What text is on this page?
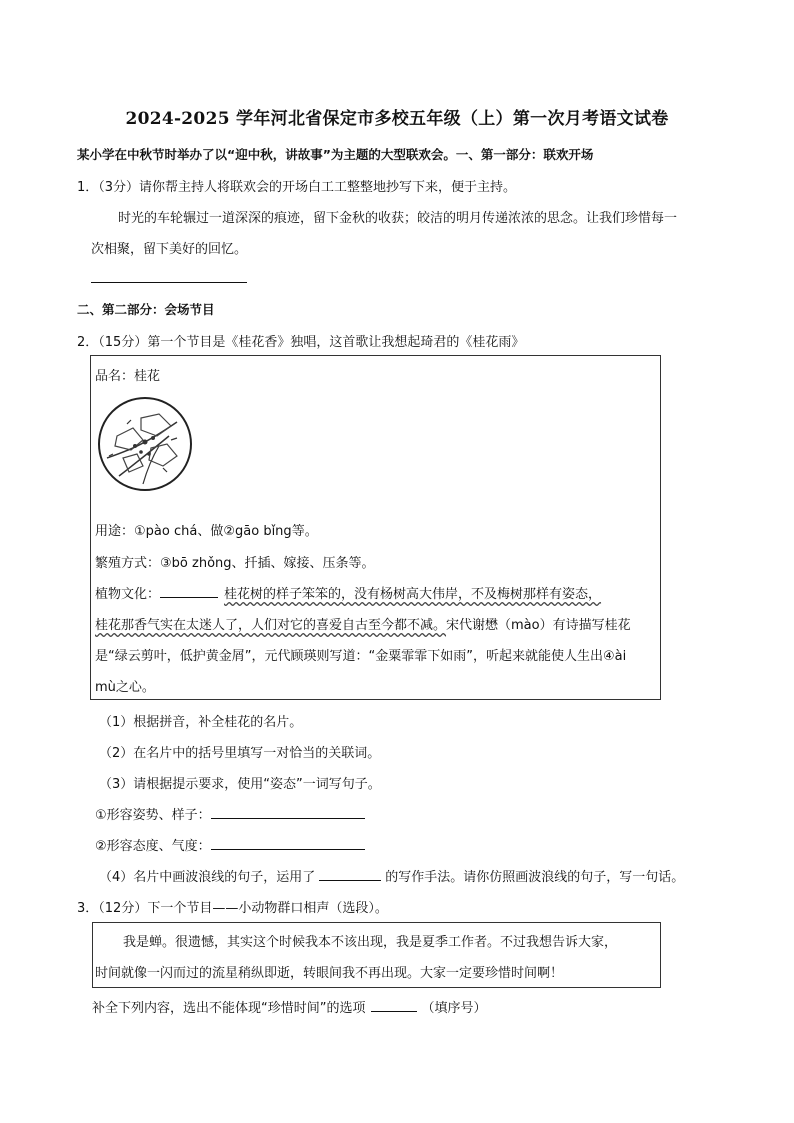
2024-2025 学年河北省保定市多校五年级（上）第一次月考语文试卷
某小学在中秋节时举办了以“迎中秋，讲故事”为主题的大型联欢会。一、第一部分：联欢开场
1．（3分）请你帮主持人将联欢会的开场白工工整整地抄写下来，便于主持。
时光的车轮辗过一道深深的痕迹，留下金秋的收获；皎洁的明月传递浓浓的思念。让我们珍惜每一
次相聚，留下美好的回忆。
二、第二部分：会场节目
2．（15分）第一个节目是《桂花香》独唱，这首歌让我想起琦君的《桂花雨》
品名：桂花
用途：①pào chá、做②gāo bǐng等。
繁殖方式：③bō zhǒng、扦插、嫁接、压条等。
植物文化：	桂花树的样子笨笨的，没有杨树高大伟岸，不及梅树那样有姿态，
桂花那香气实在太迷人了，人们对它的喜爱自古至今都不减。宋代谢懋（mào）有诗描写桂花
是“绿云剪叶，低护黄金屑”，元代顾瑛则写道：“金粟霏霏下如雨”，听起来就能使人生出④ài
mù之心。
（1）根据拼音，补全桂花的名片。
（2）在名片中的括号里填写一对恰当的关联词。
（3）请根据提示要求，使用“姿态”一词写句子。
①形容姿势、样子：
②形容态度、气度：
（4）名片中画波浪线的句子，运用了	的写作手法。请你仿照画波浪线的句子，写一句话。
3．（12分）下一个节目——小动物群口相声（选段）。
我是蝉。很遗憾，其实这个时候我本不该出现，我是夏季工作者。不过我想告诉大家，
时间就像一闪而过的流星稍纵即逝，转眼间我不再出现。大家一定要珍惜时间啊！
补全下列内容，选出不能体现“珍惜时间”的选项	（填序号）
